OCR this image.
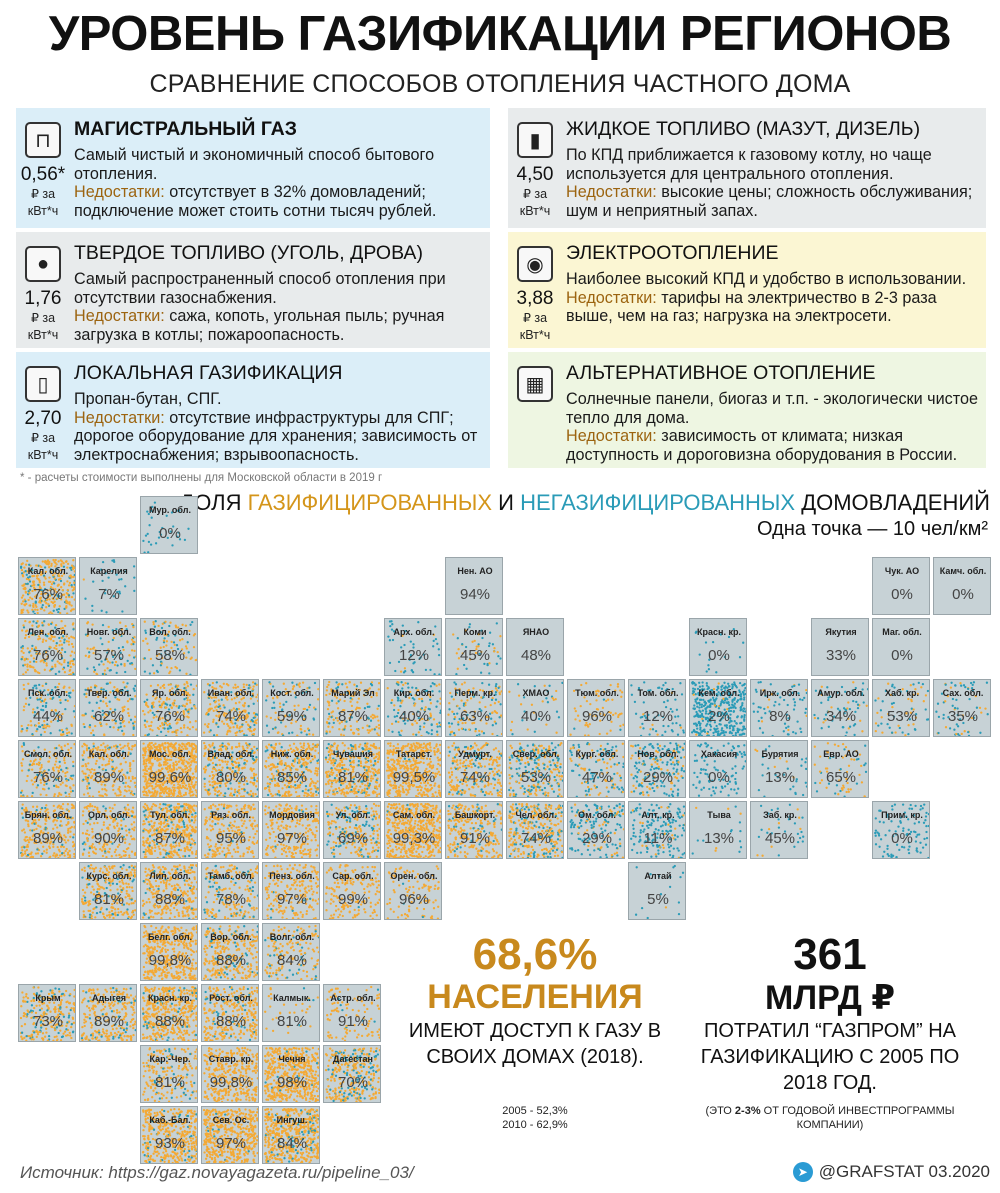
УРОВЕНЬ ГАЗИФИКАЦИИ РЕГИОНОВ
СРАВНЕНИЕ СПОСОБОВ ОТОПЛЕНИЯ ЧАСТНОГО ДОМА
⊓
0,56*
₽ за кВт*ч
МАГИСТРАЛЬНЫЙ ГАЗ
Самый чистый и экономичный способ бытового отопления.
Недостатки: отсутствует в 32% домовладений; подключение может стоить сотни тысяч рублей.
▮
4,50
₽ за кВт*ч
ЖИДКОЕ ТОПЛИВО (МАЗУТ, ДИЗЕЛЬ)
По КПД приближается к газовому котлу, но чаще используется для центрального отопления.
Недостатки: высокие цены; сложность обслуживания; шум и неприятный запах.
●
1,76
₽ за кВт*ч
ТВЕРДОЕ ТОПЛИВО (УГОЛЬ, ДРОВА)
Самый распространенный способ отопления при отсутствии газоснабжения.
Недостатки: сажа, копоть, угольная пыль; ручная загрузка в котлы; пожароопасность.
◉
3,88
₽ за кВт*ч
ЭЛЕКТРООТОПЛЕНИЕ
Наиболее высокий КПД и удобство в использовании.
Недостатки: тарифы на электричество в 2-3 раза выше, чем на газ; нагрузка на электросети.
▯
2,70
₽ за кВт*ч
ЛОКАЛЬНАЯ ГАЗИФИКАЦИЯ
Пропан-бутан, СПГ.
Недостатки: отсутствие инфраструктуры для СПГ; дорогое оборудование для хранения; зависимость от электроснабжения; взрывоопасность.
▦
АЛЬТЕРНАТИВНОЕ ОТОПЛЕНИЕ
Солнечные панели, биогаз и т.п. - экологически чистое тепло для дома.
Недостатки: зависимость от климата; низкая доступность и дороговизна оборудования в России.
* - расчеты стоимости выполнены для Московской области в 2019 г
ДОЛЯ ГАЗИФИЦИРОВАННЫХ И НЕГАЗИФИЦИРОВАННЫХ ДОМОВЛАДЕНИЙ
Одна точка — 10 чел/км²
Мур. обл.
0%
Кал. обл.
76%
Карелия
7%
Нен. АО
94%
Чук. АО
0%
Камч. обл.
0%
Лен. обл.
76%
Новг. обл.
57%
Вол. обл.
58%
Арх. обл.
12%
Коми
45%
ЯНАО
48%
Красн. кр.
0%
Якутия
33%
Маг. обл.
0%
Пск. обл.
44%
Твер. обл.
62%
Яр. обл.
76%
Иван. обл.
74%
Кост. обл.
59%
Марий Эл
87%
Кир. обл.
40%
Перм. кр.
63%
ХМАО
40%
Тюм. обл.
96%
Том. обл.
12%
Кем. обл.
2%
Ирк. обл.
8%
Амур. обл.
34%
Хаб. кр.
53%
Сах. обл.
35%
Смол. обл.
76%
Кал. обл.
89%
Мос. обл.
99,6%
Влад. обл.
80%
Ниж. обл.
85%
Чувашия
81%
Татарст.
99,5%
Удмурт.
74%
Свер. обл.
53%
Кург. обл.
47%
Нов. обл.
29%
Хакасия
0%
Бурятия
13%
Евр. АО
65%
Брян. обл.
89%
Орл. обл.
90%
Тул. обл.
87%
Ряз. обл.
95%
Мордовия
97%
Ул. обл.
69%
Сам. обл.
99,3%
Башкорт.
91%
Чел. обл.
74%
Ом. обл.
29%
Алт. кр.
11%
Тыва
13%
Заб. кр.
45%
Прим. кр.
0%
Курс. обл.
81%
Лип. обл.
88%
Тамб. обл.
78%
Пенз. обл.
97%
Сар. обл.
99%
Орен. обл.
96%
Алтай
5%
Белг. обл.
99,8%
Вор. обл.
88%
Волг. обл.
84%
Крым
73%
Адыгея
89%
Красн. кр.
88%
Рост. обл.
88%
Калмык.
81%
Астр. обл.
91%
Кар.-Чер.
81%
Ставр. кр.
99,8%
Чечня
98%
Дагестан
70%
Каб.-Бал.
93%
Сев. Ос.
97%
Ингуш.
84%
68,6%
НАСЕЛЕНИЯ
ИМЕЮТ ДОСТУП К ГАЗУ В СВОИХ ДОМАХ (2018).
2005 - 52,3%
2010 - 62,9%
361
МЛРД ₽
ПОТРАТИЛ “ГАЗПРОМ” НА ГАЗИФИКАЦИЮ С 2005 ПО 2018 ГОД.
(ЭТО 2-3% ОТ ГОДОВОЙ ИНВЕСТПРОГРАММЫ КОМПАНИИ)
Источник: https://gaz.novayagazeta.ru/pipeline_03/	➤ @GRAFSTAT 03.2020
